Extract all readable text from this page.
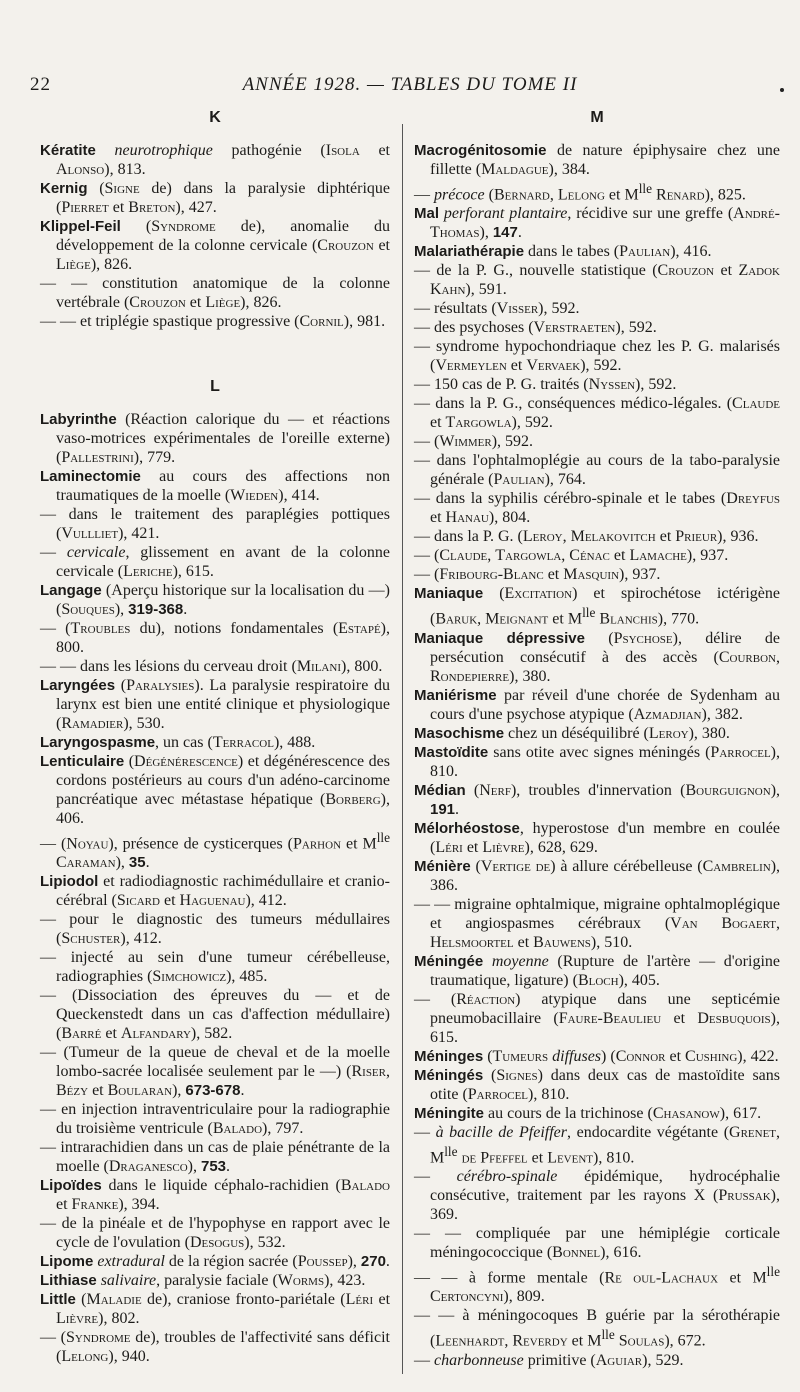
22	ANNÉE 1928. — TABLES DU TOME II
K

Kératite neurotrophique pathogénie (Isola et Alonso), 813.

Kernig (Signe de) dans la paralysie diphtérique (Pierret et Breton), 427.

Klippel-Feil (Syndrome de), anomalie du développement de la colonne cervicale (Crouzon et Liège), 826.

— — constitution anatomique de la colonne vertébrale (Crouzon et Liège), 826.

— — et triplégie spastique progressive (Cornil), 981.

L

Labyrinthe (Réaction calorique du — et réactions vaso-motrices expérimentales de l'oreille externe) (Pallestrini), 779.

Laminectomie au cours des affections non traumatiques de la moelle (Wieden), 414.

— dans le traitement des paraplégies pottiques (Vullliet), 421.

— cervicale, glissement en avant de la colonne cervicale (Leriche), 615.

Langage (Aperçu historique sur la localisation du —) (Souques), 319-368.

— (Troubles du), notions fondamentales (Estapé), 800.

— — dans les lésions du cerveau droit (Milani), 800.

Laryngées (Paralysies). La paralysie respiratoire du larynx est bien une entité clinique et physiologique (Ramadier), 530.

Laryngospasme, un cas (Terracol), 488.

Lenticulaire (Dégénérescence) et dégénérescence des cordons postérieurs au cours d'un adéno-carcinome pancréatique avec métastase hépatique (Borberg), 406.

— (Noyau), présence de cysticerques (Parhon et $M^{lle}$ Caraman), 35.

Lipiodol et radiodiagnostic rachimédullaire et cranio-cérébral (Sicard et Haguenau), 412.

— pour le diagnostic des tumeurs médullaires (Schuster), 412.

— injecté au sein d'une tumeur cérébelleuse, radiographies (Simchowicz), 485.

— (Dissociation des épreuves du — et de Queckenstedt dans un cas d'affection médullaire) (Barré et Alfandary), 582.

— (Tumeur de la queue de cheval et de la moelle lombo-sacrée localisée seulement par le —) (Riser, Bézy et Boularan), 673-678.

— en injection intraventriculaire pour la radiographie du troisième ventricule (Balado), 797.

— intrarachidien dans un cas de plaie pénétrante de la moelle (Draganesco), 753.

Lipoïdes dans le liquide céphalo-rachidien (Balado et Franke), 394.

— de la pinéale et de l'hypophyse en rapport avec le cycle de l'ovulation (Desogus), 532.

Lipome extradural de la région sacrée (Poussep), 270.

Lithiase salivaire, paralysie faciale (Worms), 423.

Little (Maladie de), craniose fronto-pariétale (Léri et Lièvre), 802.

— (Syndrome de), troubles de l'affectivité sans déficit (Lelong), 940.

M

Macrogénitosomie de nature épiphysaire chez une fillette (Maldague), 384.

— précoce (Bernard, Lelong et $M^{lle}$ Renard), 825.

Mal perforant plantaire, récidive sur une greffe (André-Thomas), 147.

Malariathérapie dans le tabes (Paulian), 416.

— de la P. G., nouvelle statistique (Crouzon et Zadok Kahn), 591.

— résultats (Visser), 592.

— des psychoses (Verstraeten), 592.

— syndrome hypochondriaque chez les P. G. malarisés (Vermeylen et Vervaek), 592.

— 150 cas de P. G. traités (Nyssen), 592.

— dans la P. G., conséquences médico-légales. (Claude et Targowla), 592.

— (Wimmer), 592.

— dans l'ophtalmoplégie au cours de la tabo-paralysie générale (Paulian), 764.

— dans la syphilis cérébro-spinale et le tabes (Dreyfus et Hanau), 804.

— dans la P. G. (Leroy, Melakovitch et Prieur), 936.

— (Claude, Targowla, Cénac et Lamache), 937.

— (Fribourg-Blanc et Masquin), 937.

Maniaque (Excitation) et spirochétose ictérigène (Baruk, Meignant et $M^{lle}$ Blanchis), 770.

Maniaque dépressive (Psychose), délire de persécution consécutif à des accès (Courbon, Rondepierre), 380.

Maniérisme par réveil d'une chorée de Sydenham au cours d'une psychose atypique (Azmadjian), 382.

Masochisme chez un déséquilibré (Leroy), 380.

Mastoïdite sans otite avec signes méningés (Parrocel), 810.

Médian (Nerf), troubles d'innervation (Bourguignon), 191.

Mélorhéostose, hyperostose d'un membre en coulée (Léri et Lièvre), 628, 629.

Ménière (Vertige de) à allure cérébelleuse (Cambrelin), 386.

— — migraine ophtalmique, migraine ophtalmoplégique et angiospasmes cérébraux (Van Bogaert, Helsmoortel et Bauwens), 510.

Méningée moyenne (Rupture de l'artère — d'origine traumatique, ligature) (Bloch), 405.

— (Réaction) atypique dans une septicémie pneumobacillaire (Faure-Beaulieu et Desbuquois), 615.

Méninges (Tumeurs diffuses) (Connor et Cushing), 422.

Méningés (Signes) dans deux cas de mastoïdite sans otite (Parrocel), 810.

Méningite au cours de la trichinose (Chasanow), 617.

— à bacille de Pfeiffer, endocardite végétante (Grenet, $M^{lle}$ de Pfeffel et Levent), 810.

— cérébro-spinale épidémique, hydrocéphalie consécutive, traitement par les rayons X (Prussak), 369.

— — compliquée par une hémiplégie corticale méningococcique (Bonnel), 616.

— — à forme mentale (Re oul-Lachaux et $M^{lle}$ Certoncyni), 809.

— — à méningocoques B guérie par la sérothérapie (Leenhardt, Reverdy et $M^{lle}$ Soulas), 672.

— charbonneuse primitive (Aguiar), 529.
